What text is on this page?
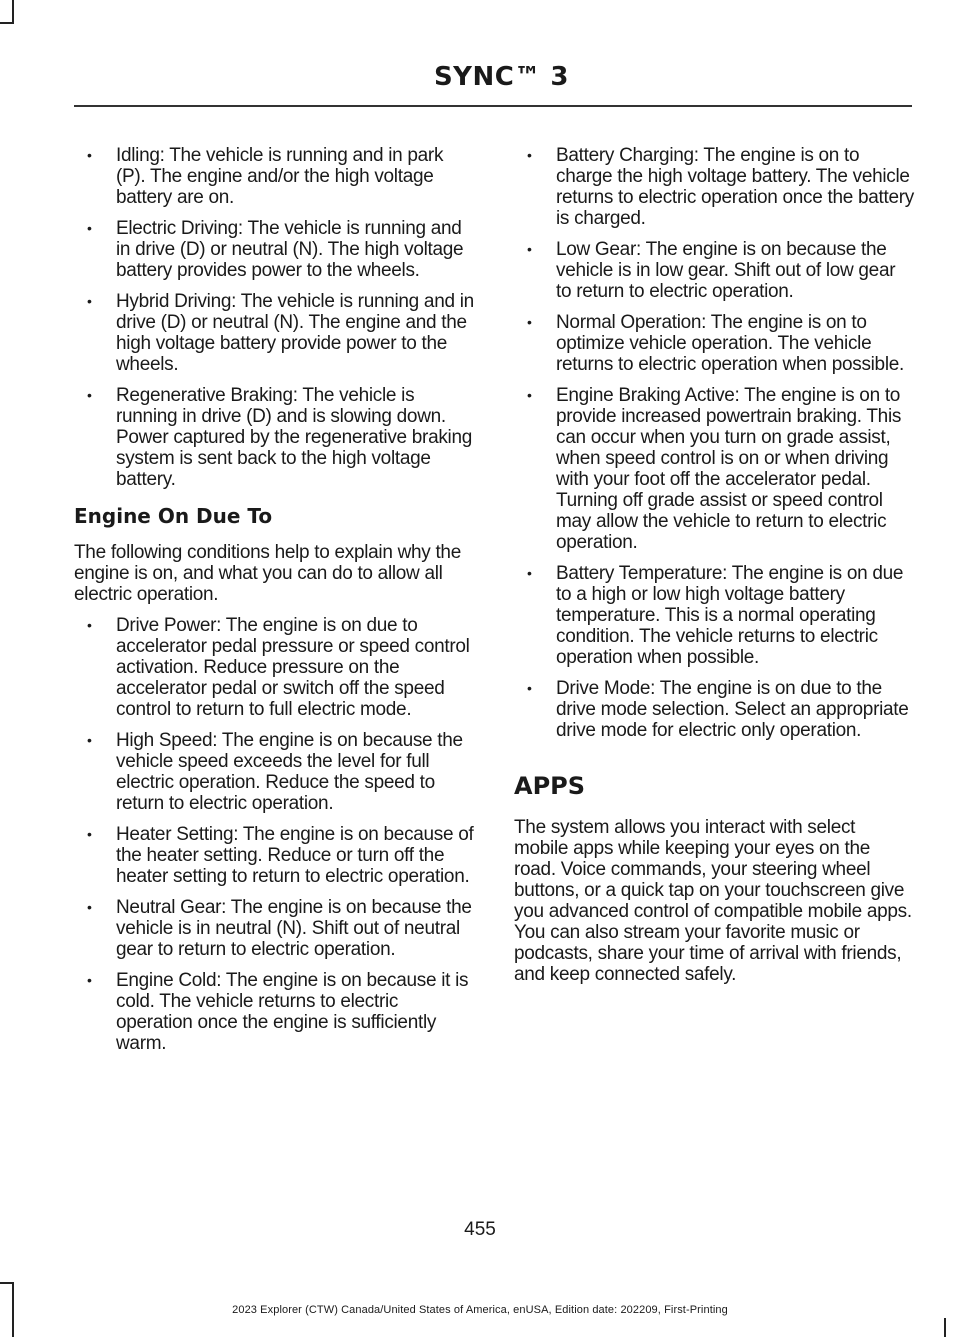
SYNC™ 3
• Idling: The vehicle is running and in park (P). The engine and/or the high voltage battery are on.
• Electric Driving: The vehicle is running and in drive (D) or neutral (N). The high voltage battery provides power to the wheels.
• Hybrid Driving: The vehicle is running and in drive (D) or neutral (N). The engine and the high voltage battery provide power to the wheels.
• Regenerative Braking: The vehicle is running in drive (D) and is slowing down. Power captured by the regenerative braking system is sent back to the high voltage battery.
Engine On Due To

The following conditions help to explain why the engine is on, and what you can do to allow all electric operation.

• Drive Power: The engine is on due to accelerator pedal pressure or speed control activation. Reduce pressure on the accelerator pedal or switch off the speed control to return to full electric mode.
• High Speed: The engine is on because the vehicle speed exceeds the level for full electric operation. Reduce the speed to return to electric operation.
• Heater Setting: The engine is on because of the heater setting. Reduce or turn off the heater setting to return to electric operation.
• Neutral Gear: The engine is on because the vehicle is in neutral (N). Shift out of neutral gear to return to electric operation.
• Engine Cold: The engine is on because it is cold. The vehicle returns to electric operation once the engine is sufficiently warm.
• Battery Charging: The engine is on to charge the high voltage battery. The vehicle returns to electric operation once the battery is charged.
• Low Gear: The engine is on because the vehicle is in low gear. Shift out of low gear to return to electric operation.
• Normal Operation: The engine is on to optimize vehicle operation. The vehicle returns to electric operation when possible.
• Engine Braking Active: The engine is on to provide increased powertrain braking. This can occur when you turn on grade assist, when speed control is on or when driving with your foot off the accelerator pedal. Turning off grade assist or speed control may allow the vehicle to return to electric operation.
• Battery Temperature: The engine is on due to a high or low high voltage battery temperature. This is a normal operating condition. The vehicle returns to electric operation when possible.
• Drive Mode: The engine is on due to the drive mode selection. Select an appropriate drive mode for electric only operation.
APPS

The system allows you interact with select mobile apps while keeping your eyes on the road. Voice commands, your steering wheel buttons, or a quick tap on your touchscreen give you advanced control of compatible mobile apps. You can also stream your favorite music or podcasts, share your time of arrival with friends, and keep connected safely.

455
2023 Explorer (CTW) Canada/United States of America, enUSA, Edition date: 202209, First-Printing
